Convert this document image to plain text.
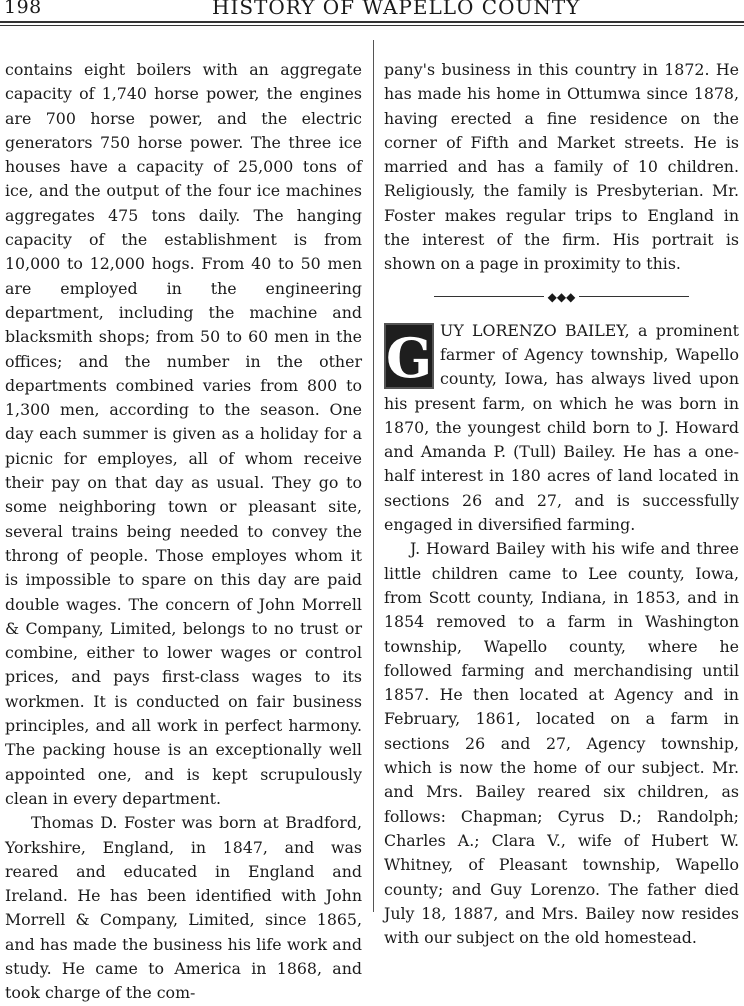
198	HISTORY OF WAPELLO COUNTY

contains eight boilers with an aggregate capacity of 1,740 horse power, the engines are 700 horse power, and the electric generators 750 horse power. The three ice houses have a capacity of 25,000 tons of ice, and the output of the four ice machines aggregates 475 tons daily. The hanging capacity of the establishment is from 10,000 to 12,000 hogs. From 40 to 50 men are employed in the engineering department, including the machine and blacksmith shops; from 50 to 60 men in the offices; and the number in the other departments combined varies from 800 to 1,300 men, according to the season. One day each summer is given as a holiday for a picnic for employes, all of whom receive their pay on that day as usual. They go to some neighboring town or pleasant site, several trains being needed to convey the throng of people. Those employes whom it is impossible to spare on this day are paid double wages. The concern of John Morrell & Company, Limited, belongs to no trust or combine, either to lower wages or control prices, and pays first-class wages to its workmen. It is conducted on fair business principles, and all work in perfect harmony. The packing house is an exceptionally well appointed one, and is kept scrupulously clean in every department.

Thomas D. Foster was born at Bradford, Yorkshire, England, in 1847, and was reared and educated in England and Ireland. He has been identified with John Morrell & Company, Limited, since 1865, and has made the business his life work and study. He came to America in 1868, and took charge of the com-

pany's business in this country in 1872. He has made his home in Ottumwa since 1878, having erected a fine residence on the corner of Fifth and Market streets. He is married and has a family of 10 children. Religiously, the family is Presbyterian. Mr. Foster makes regular trips to England in the interest of the firm. His portrait is shown on a page in proximity to this.

◆◆◆
G UY LORENZO BAILEY, a prominent farmer of Agency township, Wapello county, Iowa, has always lived upon his present farm, on which he was born in 1870, the youngest child born to J. Howard and Amanda P. (Tull) Bailey. He has a one-half interest in 180 acres of land located in sections 26 and 27, and is successfully engaged in diversified farming.

J. Howard Bailey with his wife and three little children came to Lee county, Iowa, from Scott county, Indiana, in 1853, and in 1854 removed to a farm in Washington township, Wapello county, where he followed farming and merchandising until 1857. He then located at Agency and in February, 1861, located on a farm in sections 26 and 27, Agency township, which is now the home of our subject. Mr. and Mrs. Bailey reared six children, as follows: Chapman; Cyrus D.; Randolph; Charles A.; Clara V., wife of Hubert W. Whitney, of Pleasant township, Wapello county; and Guy Lorenzo. The father died July 18, 1887, and Mrs. Bailey now resides with our subject on the old homestead.
